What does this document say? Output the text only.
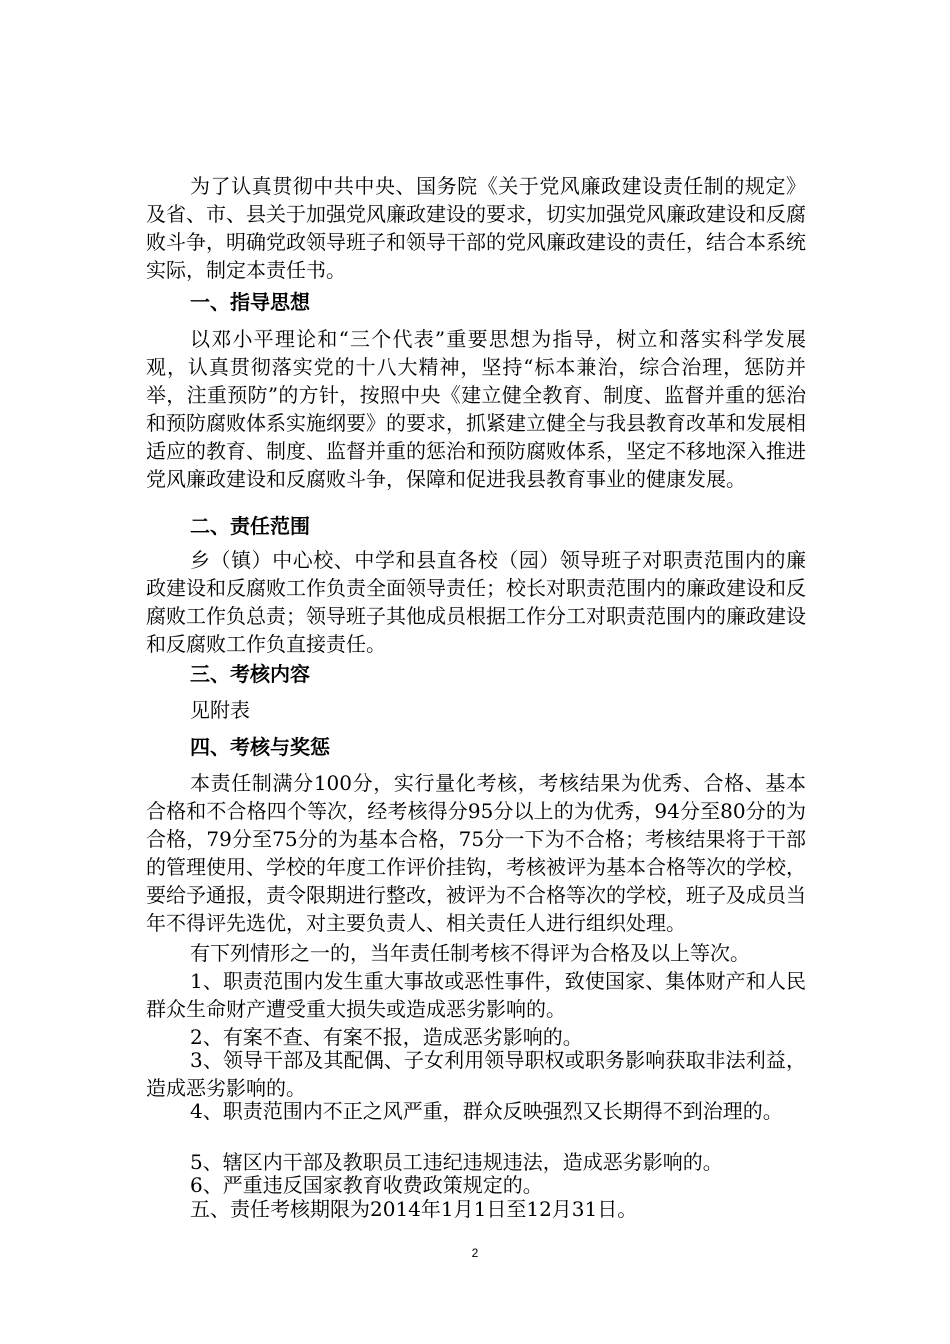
为了认真贯彻中共中央、国务院《关于党风廉政建设责任制的规定》及省、市、县关于加强党风廉政建设的要求，切实加强党风廉政建设和反腐败斗争，明确党政领导班子和领导干部的党风廉政建设的责任，结合本系统实际，制定本责任书。

一、指导思想

以邓小平理论和“三个代表”重要思想为指导，树立和落实科学发展观，认真贯彻落实党的十八大精神，坚持“标本兼治，综合治理，惩防并举，注重预防”的方针，按照中央《建立健全教育、制度、监督并重的惩治和预防腐败体系实施纲要》的要求，抓紧建立健全与我县教育改革和发展相适应的教育、制度、监督并重的惩治和预防腐败体系，坚定不移地深入推进党风廉政建设和反腐败斗争，保障和促进我县教育事业的健康发展。

二、责任范围

乡（镇）中心校、中学和县直各校（园）领导班子对职责范围内的廉政建设和反腐败工作负责全面领导责任；校长对职责范围内的廉政建设和反腐败工作负总责；领导班子其他成员根据工作分工对职责范围内的廉政建设和反腐败工作负直接责任。

三、考核内容

见附表

四、考核与奖惩

本责任制满分100分，实行量化考核，考核结果为优秀、合格、基本合格和不合格四个等次，经考核得分95分以上的为优秀，94分至80分的为合格，79分至75分的为基本合格，75分一下为不合格；考核结果将于干部的管理使用、学校的年度工作评价挂钩，考核被评为基本合格等次的学校，要给予通报，责令限期进行整改，被评为不合格等次的学校，班子及成员当年不得评先选优，对主要负责人、相关责任人进行组织处理。

有下列情形之一的，当年责任制考核不得评为合格及以上等次。

1、职责范围内发生重大事故或恶性事件，致使国家、集体财产和人民群众生命财产遭受重大损失或造成恶劣影响的。

2、有案不查、有案不报，造成恶劣影响的。

3、领导干部及其配偶、子女利用领导职权或职务影响获取非法利益，造成恶劣影响的。

4、职责范围内不正之风严重，群众反映强烈又长期得不到治理的。

5、辖区内干部及教职员工违纪违规违法，造成恶劣影响的。

6、严重违反国家教育收费政策规定的。

五、责任考核期限为2014年1月1日至12月31日。

2
